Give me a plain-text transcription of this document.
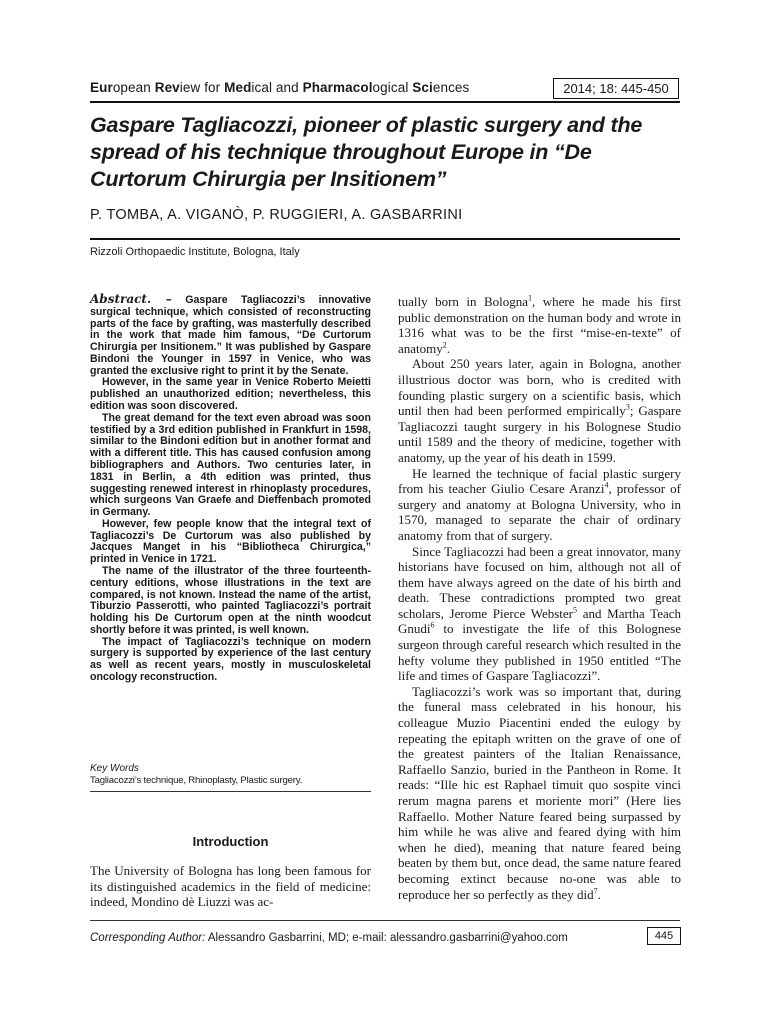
European Review for Medical and Pharmacological Sciences	2014; 18: 445-450
Gaspare Tagliacozzi, pioneer of plastic surgery and the spread of his technique throughout Europe in “De Curtorum Chirurgia per Insitionem”
P. TOMBA, A. VIGANÒ, P. RUGGIERI, A. GASBARRINI
Rizzoli Orthopaedic Institute, Bologna, Italy

Abstract. – Gaspare Tagliacozzi’s innovative surgical technique, which consisted of reconstructing parts of the face by grafting, was masterfully described in the work that made him famous, “De Curtorum Chirurgia per Insitionem.” It was published by Gaspare Bindoni the Younger in 1597 in Venice, who was granted the exclusive right to print it by the Senate.

However, in the same year in Venice Roberto Meietti published an unauthorized edition; nevertheless, this edition was soon discovered.

The great demand for the text even abroad was soon testified by a 3rd edition published in Frankfurt in 1598, similar to the Bindoni edition but in another format and with a different title. This has caused confusion among bibliographers and Authors. Two centuries later, in 1831 in Berlin, a 4th edition was printed, thus suggesting renewed interest in rhinoplasty procedures, which surgeons Van Graefe and Dieffenbach promoted in Germany.

However, few people know that the integral text of Tagliacozzi’s De Curtorum was also published by Jacques Manget in his “Bibliotheca Chirurgica,” printed in Venice in 1721.

The name of the illustrator of the three fourteenth-century editions, whose illustrations in the text are compared, is not known. Instead the name of the artist, Tiburzio Passerotti, who painted Tagliacozzi’s portrait holding his De Curtorum open at the ninth woodcut shortly before it was printed, is well known.

The impact of Tagliacozzi’s technique on modern surgery is supported by experience of the last century as well as recent years, mostly in musculoskeletal oncology reconstruction.

Key Words
Tagliacozzi’s technique, Rhinoplasty, Plastic surgery.
Introduction
The University of Bologna has long been famous for its distinguished academics in the field of medicine: indeed, Mondino dè Liuzzi was ac-

tually born in Bologna$^1$, where he made his first public demonstration on the human body and wrote in 1316 what was to be the first “mise-en-texte” of anatomy$^2$.

About 250 years later, again in Bologna, another illustrious doctor was born, who is credited with founding plastic surgery on a scientific basis, which until then had been performed empirically$^3$; Gaspare Tagliacozzi taught surgery in his Bolognese Studio until 1589 and the theory of medicine, together with anatomy, up the year of his death in 1599.

He learned the technique of facial plastic surgery from his teacher Giulio Cesare Aranzi$^4$, professor of surgery and anatomy at Bologna University, who in 1570, managed to separate the chair of ordinary anatomy from that of surgery.

Since Tagliacozzi had been a great innovator, many historians have focused on him, although not all of them have always agreed on the date of his birth and death. These contradictions prompted two great scholars, Jerome Pierce Webster$^5$ and Martha Teach Gnudi$^6$ to investigate the life of this Bolognese surgeon through careful research which resulted in the hefty volume they published in 1950 entitled “The life and times of Gaspare Tagliacozzi”.

Tagliacozzi’s work was so important that, during the funeral mass celebrated in his honour, his colleague Muzio Piacentini ended the eulogy by repeating the epitaph written on the grave of one of the greatest painters of the Italian Renaissance, Raffaello Sanzio, buried in the Pantheon in Rome. It reads: “Ille hic est Raphael timuit quo sospite vinci rerum magna parens et moriente mori” (Here lies Raffaello. Mother Nature feared being surpassed by him while he was alive and feared dying with him when he died), meaning that nature feared being beaten by them but, once dead, the same nature feared becoming extinct because no-one was able to reproduce her so perfectly as they did$^7$.

Corresponding Author: Alessandro Gasbarrini, MD; e-mail: alessandro.gasbarrini@yahoo.com	445
